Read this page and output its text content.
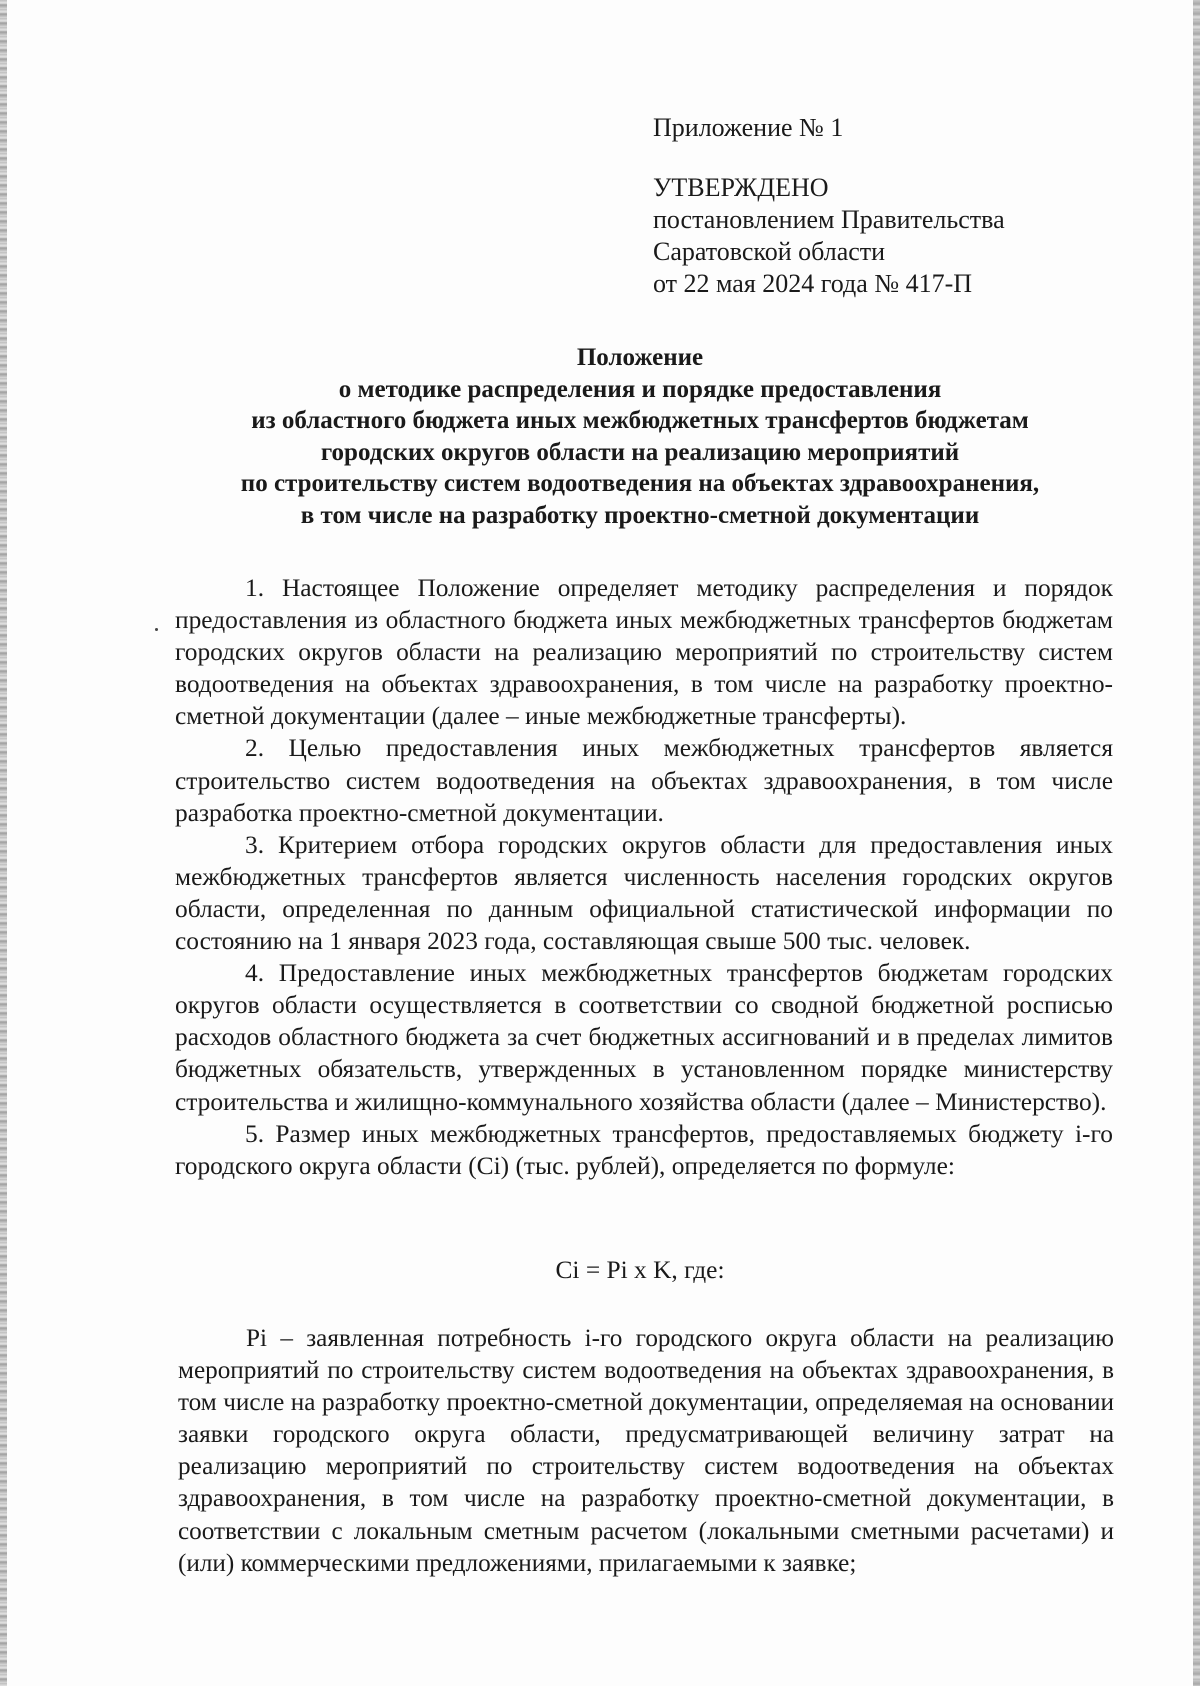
Приложение № 1
УТВЕРЖДЕНО
постановлением Правительства
Саратовской области
от 22 мая 2024 года № 417-П
Положение
о методике распределения и порядке предоставления
из областного бюджета иных межбюджетных трансфертов бюджетам
городских округов области на реализацию мероприятий
по строительству систем водоотведения на объектах здравоохранения,
в том числе на разработку проектно-сметной документации

1. Настоящее Положение определяет методику распределения и порядок предоставления из областного бюджета иных межбюджетных трансфертов бюджетам городских округов области на реализацию мероприятий по строительству систем водоотведения на объектах здравоохранения, в том числе на разработку проектно-сметной документации (далее – иные межбюджетные трансферты).

2. Целью предоставления иных межбюджетных трансфертов является строительство систем водоотведения на объектах здравоохранения, в том числе разработка проектно-сметной документации.

3. Критерием отбора городских округов области для предоставления иных межбюджетных трансфертов является численность населения городских округов области, определенная по данным официальной статистической информации по состоянию на 1 января 2023 года, составляющая свыше 500 тыс. человек.

4. Предоставление иных межбюджетных трансфертов бюджетам городских округов области осуществляется в соответствии со сводной бюджетной росписью расходов областного бюджета за счет бюджетных ассигнований и в пределах лимитов бюджетных обязательств, утвержденных в установленном порядке министерству строительства и жилищно-коммунального хозяйства области (далее – Министерство).

5. Размер иных межбюджетных трансфертов, предоставляемых бюджету i-го городского округа области (Ci) (тыс. рублей), определяется по формуле:

Ci = Pi x K, где:

Pi – заявленная потребность i-го городского округа области на реализацию мероприятий по строительству систем водоотведения на объектах здравоохранения, в том числе на разработку проектно-сметной документации, определяемая на основании заявки городского округа области, предусматривающей величину затрат на реализацию мероприятий по строительству систем водоотведения на объектах здравоохранения, в том числе на разработку проектно-сметной документации, в соответствии с локальным сметным расчетом (локальными сметными расчетами) и (или) коммерческими предложениями, прилагаемыми к заявке;
